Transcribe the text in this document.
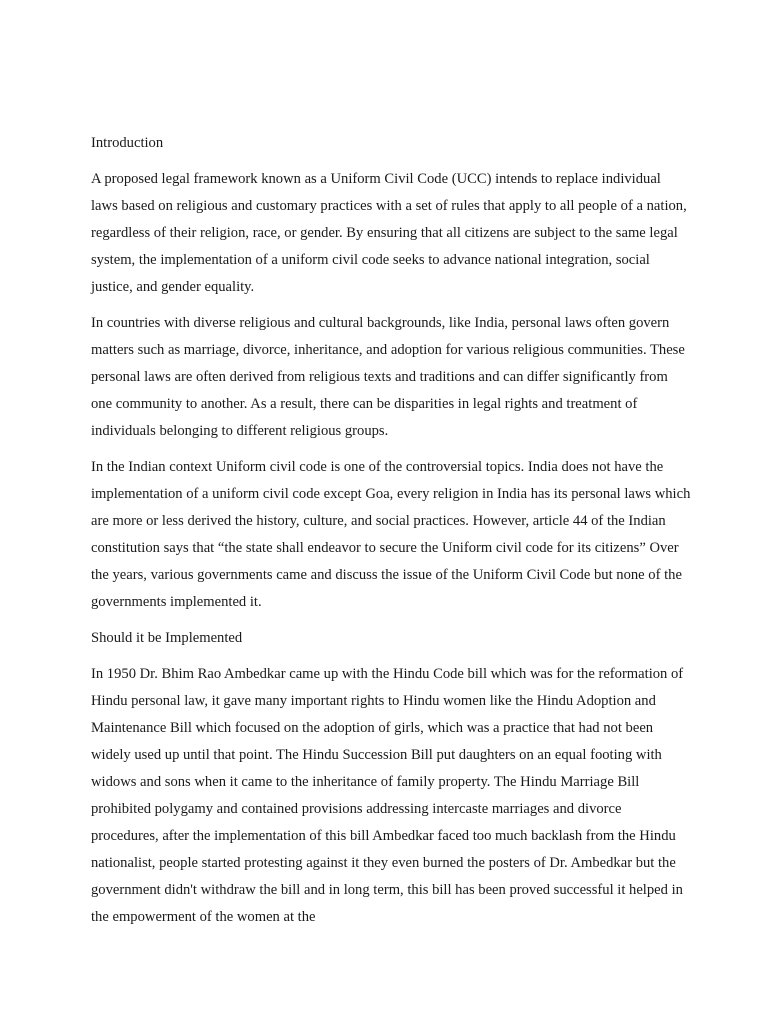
Introduction

A proposed legal framework known as a Uniform Civil Code (UCC) intends to replace individual laws based on religious and customary practices with a set of rules that apply to all people of a nation, regardless of their religion, race, or gender. By ensuring that all citizens are subject to the same legal system, the implementation of a uniform civil code seeks to advance national integration, social justice, and gender equality.

In countries with diverse religious and cultural backgrounds, like India, personal laws often govern matters such as marriage, divorce, inheritance, and adoption for various religious communities. These personal laws are often derived from religious texts and traditions and can differ significantly from one community to another. As a result, there can be disparities in legal rights and treatment of individuals belonging to different religious groups.

In the Indian context Uniform civil code is one of the controversial topics. India does not have the implementation of a uniform civil code except Goa, every religion in India has its personal laws which are more or less derived the history, culture, and social practices. However, article 44 of the Indian constitution says that “the state shall endeavor to secure the Uniform civil code for its citizens” Over the years, various governments came and discuss the issue of the Uniform Civil Code but none of the governments implemented it.

Should it be Implemented

In 1950 Dr. Bhim Rao Ambedkar came up with the Hindu Code bill which was for the reformation of Hindu personal law, it gave many important rights to Hindu women like the Hindu Adoption and Maintenance Bill which focused on the adoption of girls, which was a practice that had not been widely used up until that point. The Hindu Succession Bill put daughters on an equal footing with widows and sons when it came to the inheritance of family property. The Hindu Marriage Bill prohibited polygamy and contained provisions addressing intercaste marriages and divorce procedures, after the implementation of this bill Ambedkar faced too much backlash from the Hindu nationalist, people started protesting against it they even burned the posters of Dr. Ambedkar but the government didn't withdraw the bill and in long term, this bill has been proved successful it helped in the empowerment of the women at the
